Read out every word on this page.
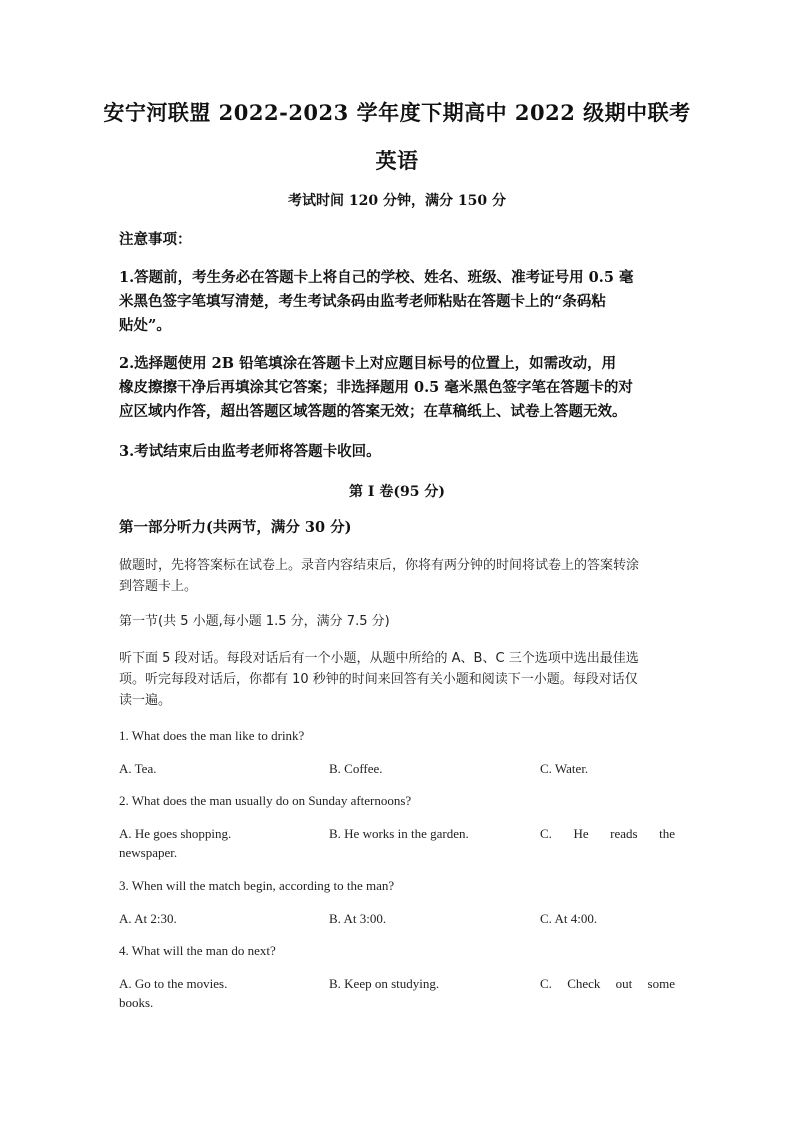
安宁河联盟 2022-2023 学年度下期高中 2022 级期中联考
英语
考试时间 120 分钟，满分 150 分
注意事项：
1.答题前，考生务必在答题卡上将自己的学校、姓名、班级、准考证号用 0.5 毫
米黑色签字笔填写清楚，考生考试条码由监考老师粘贴在答题卡上的“条码粘
贴处”。
2.选择题使用 2B 铅笔填涂在答题卡上对应题目标号的位置上，如需改动，用
橡皮擦擦干净后再填涂其它答案；非选择题用 0.5 毫米黑色签字笔在答题卡的对
应区域内作答，超出答题区域答题的答案无效；在草稿纸上、试卷上答题无效。
3.考试结束后由监考老师将答题卡收回。
第 I 卷(95 分)
第一部分听力(共两节，满分 30 分)
做题时，先将答案标在试卷上。录音内容结束后，你将有两分钟的时间将试卷上的答案转涂
到答题卡上。
第一节(共 5 小题,每小题 1.5 分，满分 7.5 分)
听下面 5 段对话。每段对话后有一个小题，从题中所给的 A、B、C 三个选项中选出最佳选
项。听完每段对话后，你都有 10 秒钟的时间来回答有关小题和阅读下一小题。每段对话仅
读一遍。
1. What does the man like to drink?
A. Tea.	B. Coffee.	C. Water.
2. What does the man usually do on Sunday afternoons?
A. He goes shopping.	B. He works in the garden.	C.    He    reads    the
newspaper.
3. When will the match begin, according to the man?
A. At 2:30.	B. At 3:00.	C. At 4:00.
4. What will the man do next?
A. Go to the movies.	B. Keep on studying.	C.    Check    out    some
books.
